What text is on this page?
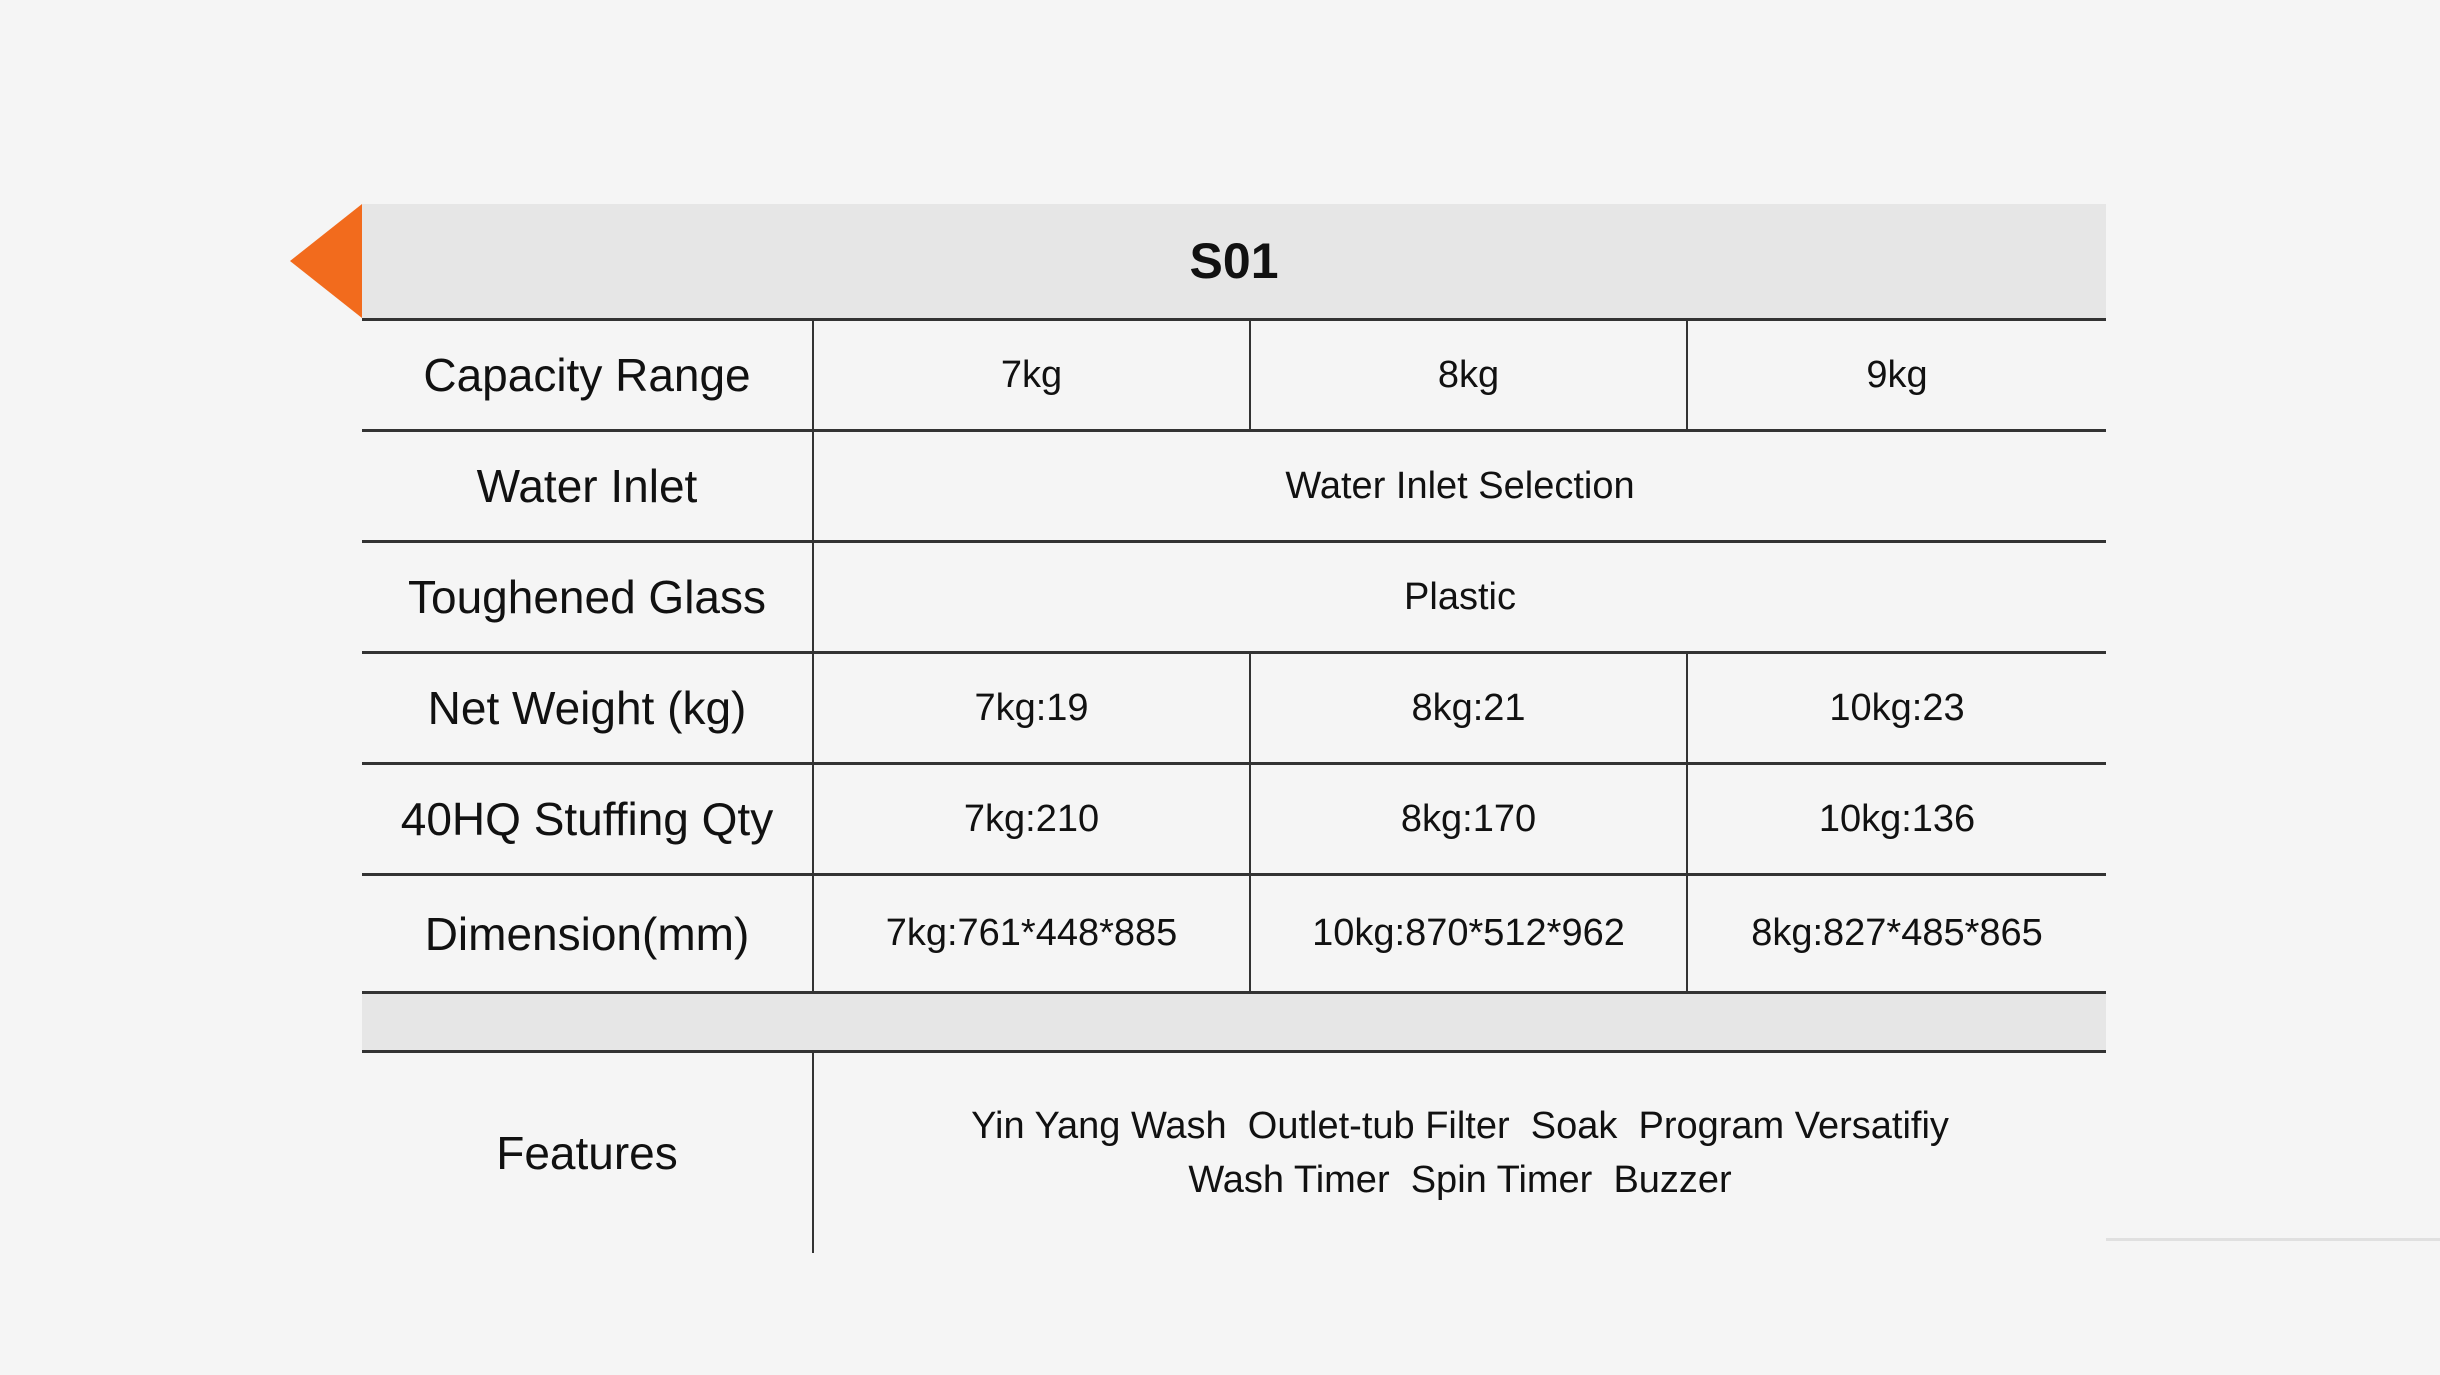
S01			
Capacity Range	7kg	8kg	9kg
Water Inlet	Water Inlet Selection		
Toughened Glass	Plastic		
Net Weight (kg)	7kg:19	8kg:21	10kg:23
40HQ Stuffing Qty	7kg:210	8kg:170	10kg:136
Dimension(mm)	7kg:761*448*885	10kg:870*512*962	8kg:827*485*865

Features	Yin Yang Wash  Outlet-tub Filter  Soak  Program Versatifiy
Wash Timer  Spin Timer  Buzzer		
